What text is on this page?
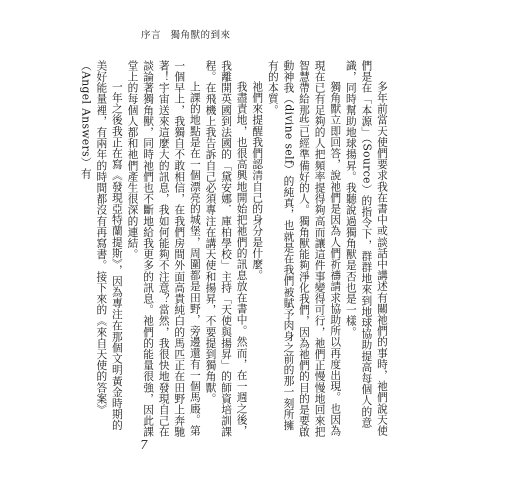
序言 獨角獸的到來

多年前當天使們要求我在書中或談話中講述有關祂們的事時，祂們說天使們是在「本源」（Source）的指令下，群群地來到地球協助提高每個人的意識，同時幫助地球揚昇。我聽說過獨角獸是否也是一樣。

獨角獸立即回答，說祂們是因為人們祈禱請求協助所以再度出現。也因為現在已有足夠的人把頻率提得夠高而讓這件事變得可行，祂們正慢慢地回來把智慧帶給那些已經準備好的人。獨角獸能夠淨化我們，因為祂們的目的是要啟動神我（divine self）的純真，也就是在我們被賦予肉身之前的那一刻所擁有的本質。

祂們來提醒我們認清自己的身分是什麼。

我盡責地，也很高興地開始把祂們的訊息放在書中。然而，在一週之後，我離開英國到法國的「黛安娜．庫柏學校」主持「天使與揚昇」的師資培訓課程。在飛機上我告訴自己必須專注在講天使和揚昇，不要提到獨角獸。

上課的地點是在一個漂亮的城堡，周圍都是田野，旁邊還有一個馬廄。第一個早上，我獨自不敢相信，在我們房間外面高貴純白的馬匹正在田野上奔馳著！宇宙送來這麼大的訊息，我如何能夠不注意？當然，我很快地發現自己在談論著獨角獸，同時祂們也不斷地給我更多的訊息。祂們的能量很強，因此課堂上的每個人都和祂們產生很深的連結。

一年之後我正在寫《發現亞特蘭提斯》，因為專注在那個文明黃金時期的美好能量裡，有兩年的時間都沒有再寫書。接下來的《來自天使的答案》（Angel Answers）有

7
